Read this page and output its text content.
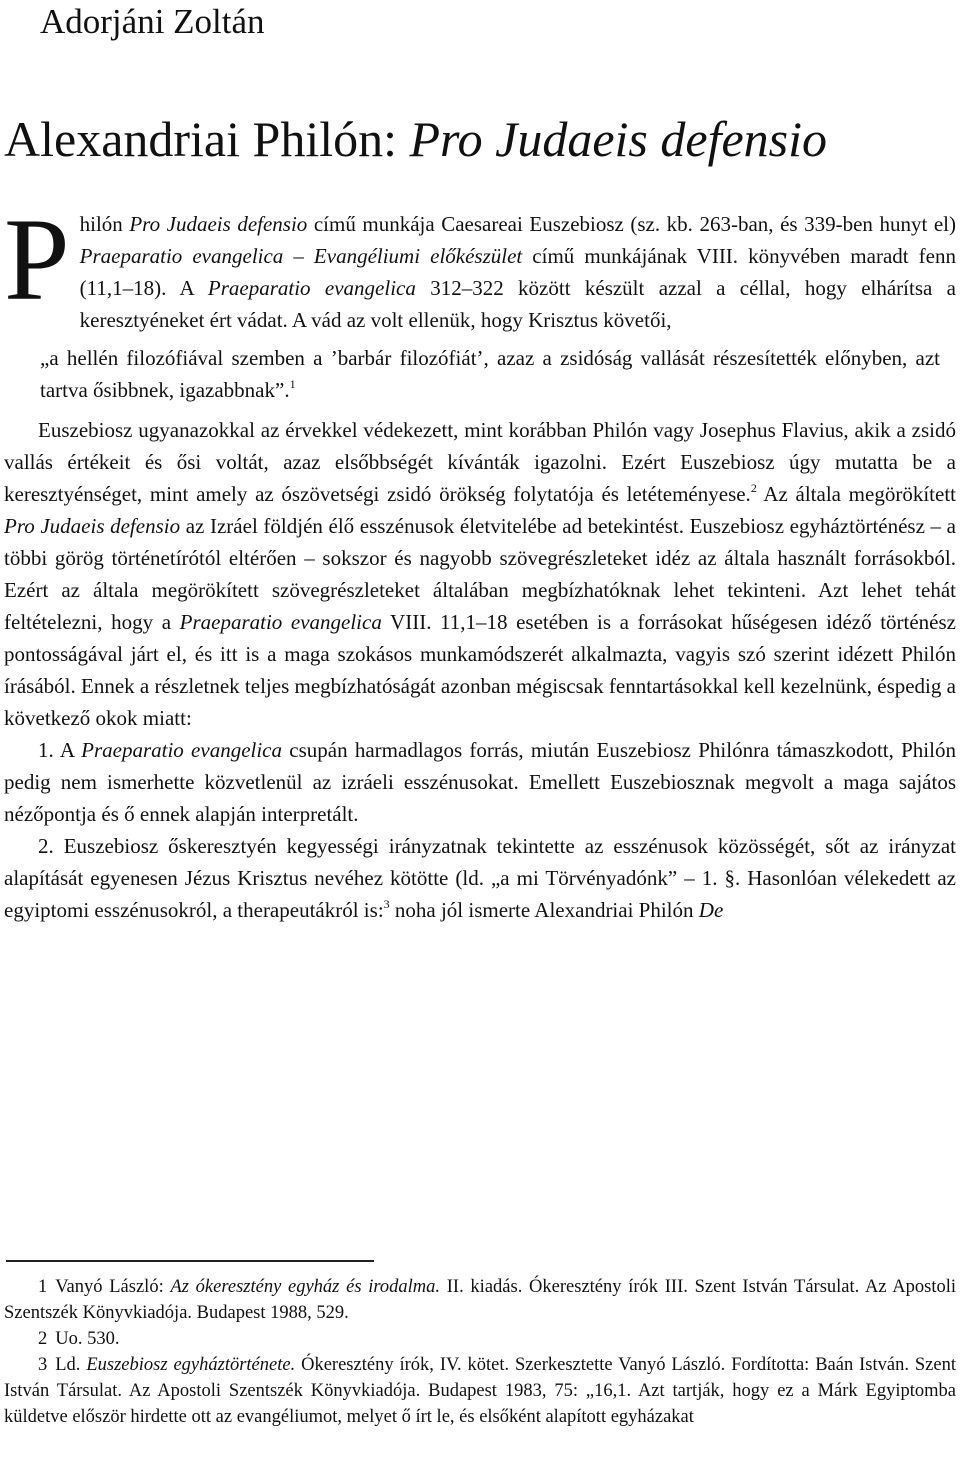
Adorjáni Zoltán
Alexandriai Philón: Pro Judaeis defensio

Philón Pro Judaeis defensio című munkája Caesareai Euszebiosz (sz. kb. 263-ban, és 339-ben hunyt el) Praeparatio evangelica – Evangéliumi előkészület című munkájának VIII. könyvében maradt fenn (11,1–18). A Praeparatio evangelica 312–322 között készült azzal a céllal, hogy elhárítsa a keresztyéneket ért vádat. A vád az volt ellenük, hogy Krisztus követői,

„a hellén filozófiával szemben a ’barbár filozófiát’, azaz a zsidóság vallását részesítették előnyben, azt tartva ősibbnek, igazabbnak”.$^1$

Euszebiosz ugyanazokkal az érvekkel védekezett, mint korábban Philón vagy Josephus Flavius, akik a zsidó vallás értékeit és ősi voltát, azaz elsőbbségét kívánták igazolni. Ezért Euszebiosz úgy mutatta be a keresztyénséget, mint amely az ószövetségi zsidó örökség folytatója és letéteményese.$^2$ Az általa megörökített Pro Judaeis defensio az Izráel földjén élő esszénusok életvitelébe ad betekintést. Euszebiosz egyháztörténész – a többi görög történetírótól eltérően – sokszor és nagyobb szövegrészleteket idéz az általa használt forrásokból. Ezért az általa megörökített szövegrészleteket általában megbízhatóknak lehet tekinteni. Azt lehet tehát feltételezni, hogy a Praeparatio evangelica VIII. 11,1–18 esetében is a forrásokat hűségesen idéző történész pontosságával járt el, és itt is a maga szokásos munkamódszerét alkalmazta, vagyis szó szerint idézett Philón írásából. Ennek a részletnek teljes megbízhatóságát azonban mégiscsak fenntartásokkal kell kezelnünk, éspedig a következő okok miatt:

1. A Praeparatio evangelica csupán harmadlagos forrás, miután Euszebiosz Philónra támaszkodott, Philón pedig nem ismerhette közvetlenül az izráeli esszénusokat. Emellett Euszebiosznak megvolt a maga sajátos nézőpontja és ő ennek alapján interpretált.

2. Euszebiosz őskeresztyén kegyességi irányzatnak tekintette az esszénusok közösségét, sőt az irányzat alapítását egyenesen Jézus Krisztus nevéhez kötötte (ld. „a mi Törvényadónk” – 1. §. Hasonlóan vélekedett az egyiptomi esszénusokról, a therapeutákról is:$^3$ noha jól ismerte Alexandriai Philón De

1 Vanyó László: Az ókeresztény egyház és irodalma. II. kiadás. Ókeresztény írók III. Szent István Társulat. Az Apostoli Szentszék Könyvkiadója. Budapest 1988, 529.

2 Uo. 530.

3 Ld. Euszebiosz egyháztörténete. Ókeresztény írók, IV. kötet. Szerkesztette Vanyó László. Fordította: Baán István. Szent István Társulat. Az Apostoli Szentszék Könyvkiadója. Budapest 1983, 75: „16,1. Azt tartják, hogy ez a Márk Egyiptomba küldetve először hirdette ott az evangéliumot, melyet ő írt le, és elsőként alapított egyházakat
